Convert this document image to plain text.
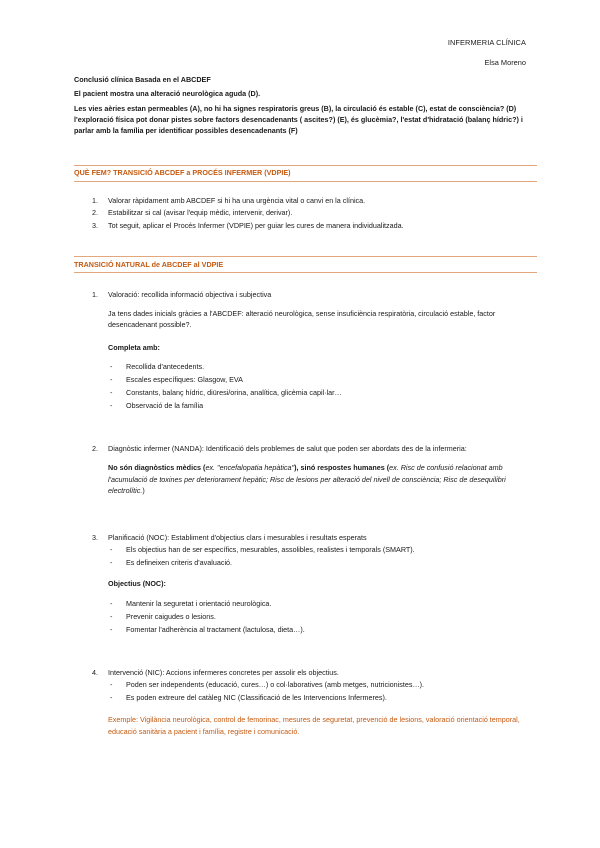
INFERMERIA CLÍNICA
Elsa Moreno
Conclusió clínica Basada en el ABCDEF
El pacient mostra una alteració neurològica aguda (D).
Les vies aèries estan permeables (A), no hi ha signes respiratoris greus (B), la circulació és estable (C), estat de consciència? (D) l'exploració física pot donar pistes sobre factors desencadenants ( ascites?) (E), és glucèmia?, l'estat d'hidratació (balanç hídric?) i parlar amb la família per identificar possibles desencadenants (F)
QUÈ FEM? TRANSICIÓ ABCDEF a PROCÉS INFERMER (VDPIE)
1. Valorar ràpidament amb ABCDEF si hi ha una urgència vital o canvi en la clínica.
2. Estabilitzar si cal (avisar l'equip mèdic, intervenir, derivar).
3. Tot seguit, aplicar el Procés Infermer (VDPIE) per guiar les cures de manera individualitzada.
TRANSICIÓ NATURAL de ABCDEF al VDPIE
1.	Valoració: recollida informació objectiva i subjectiva
Ja tens dades inicials gràcies a l'ABCDEF: alteració neurològica, sense insuficiència respiratòria, circulació estable, factor desencadenant possible?.
Completa amb:
- Recollida d'antecedents.
- Escales específiques: Glasgow, EVA
- Constants, balanç hídric, diüresi/orina, analítica, glicèmia capil·lar…
- Observació de la família
2.	Diagnòstic infermer (NANDA): Identificació dels problemes de salut que poden ser abordats des de la infermeria:
No són diagnòstics mèdics (ex. "encefalopatia hepàtica"), sinó respostes humanes (ex. Risc de confusió relacionat amb l'acumulació de toxines per deteriorament hepàtic; Risc de lesions per alteració del nivell de consciència; Risc de desequilibri electrolític.)
3.	Planificació (NOC): Establiment d'objectius clars i mesurables i resultats esperats
- Els objectius han de ser específics, mesurables, assolibles, realistes i temporals (SMART).
- Es defineixen criteris d'avaluació.
Objectius (NOC):
- Mantenir la seguretat i orientació neurològica.
- Prevenir caigudes o lesions.
- Fomentar l'adherència al tractament (lactulosa, dieta…).
4.	Intervenció (NIC): Accions infermeres concretes per assolir els objectius.
- Poden ser independents (educació, cures…) o col·laboratives (amb metges, nutricionistes…).
- Es poden extreure del catàleg NIC (Classificació de les Intervencions Infermeres).
Exemple: Vigilància neurològica, control de femorinac, mesures de seguretat, prevenció de lesions, valoració orientació temporal, educació sanitària a pacient i família, registre i comunicació.
